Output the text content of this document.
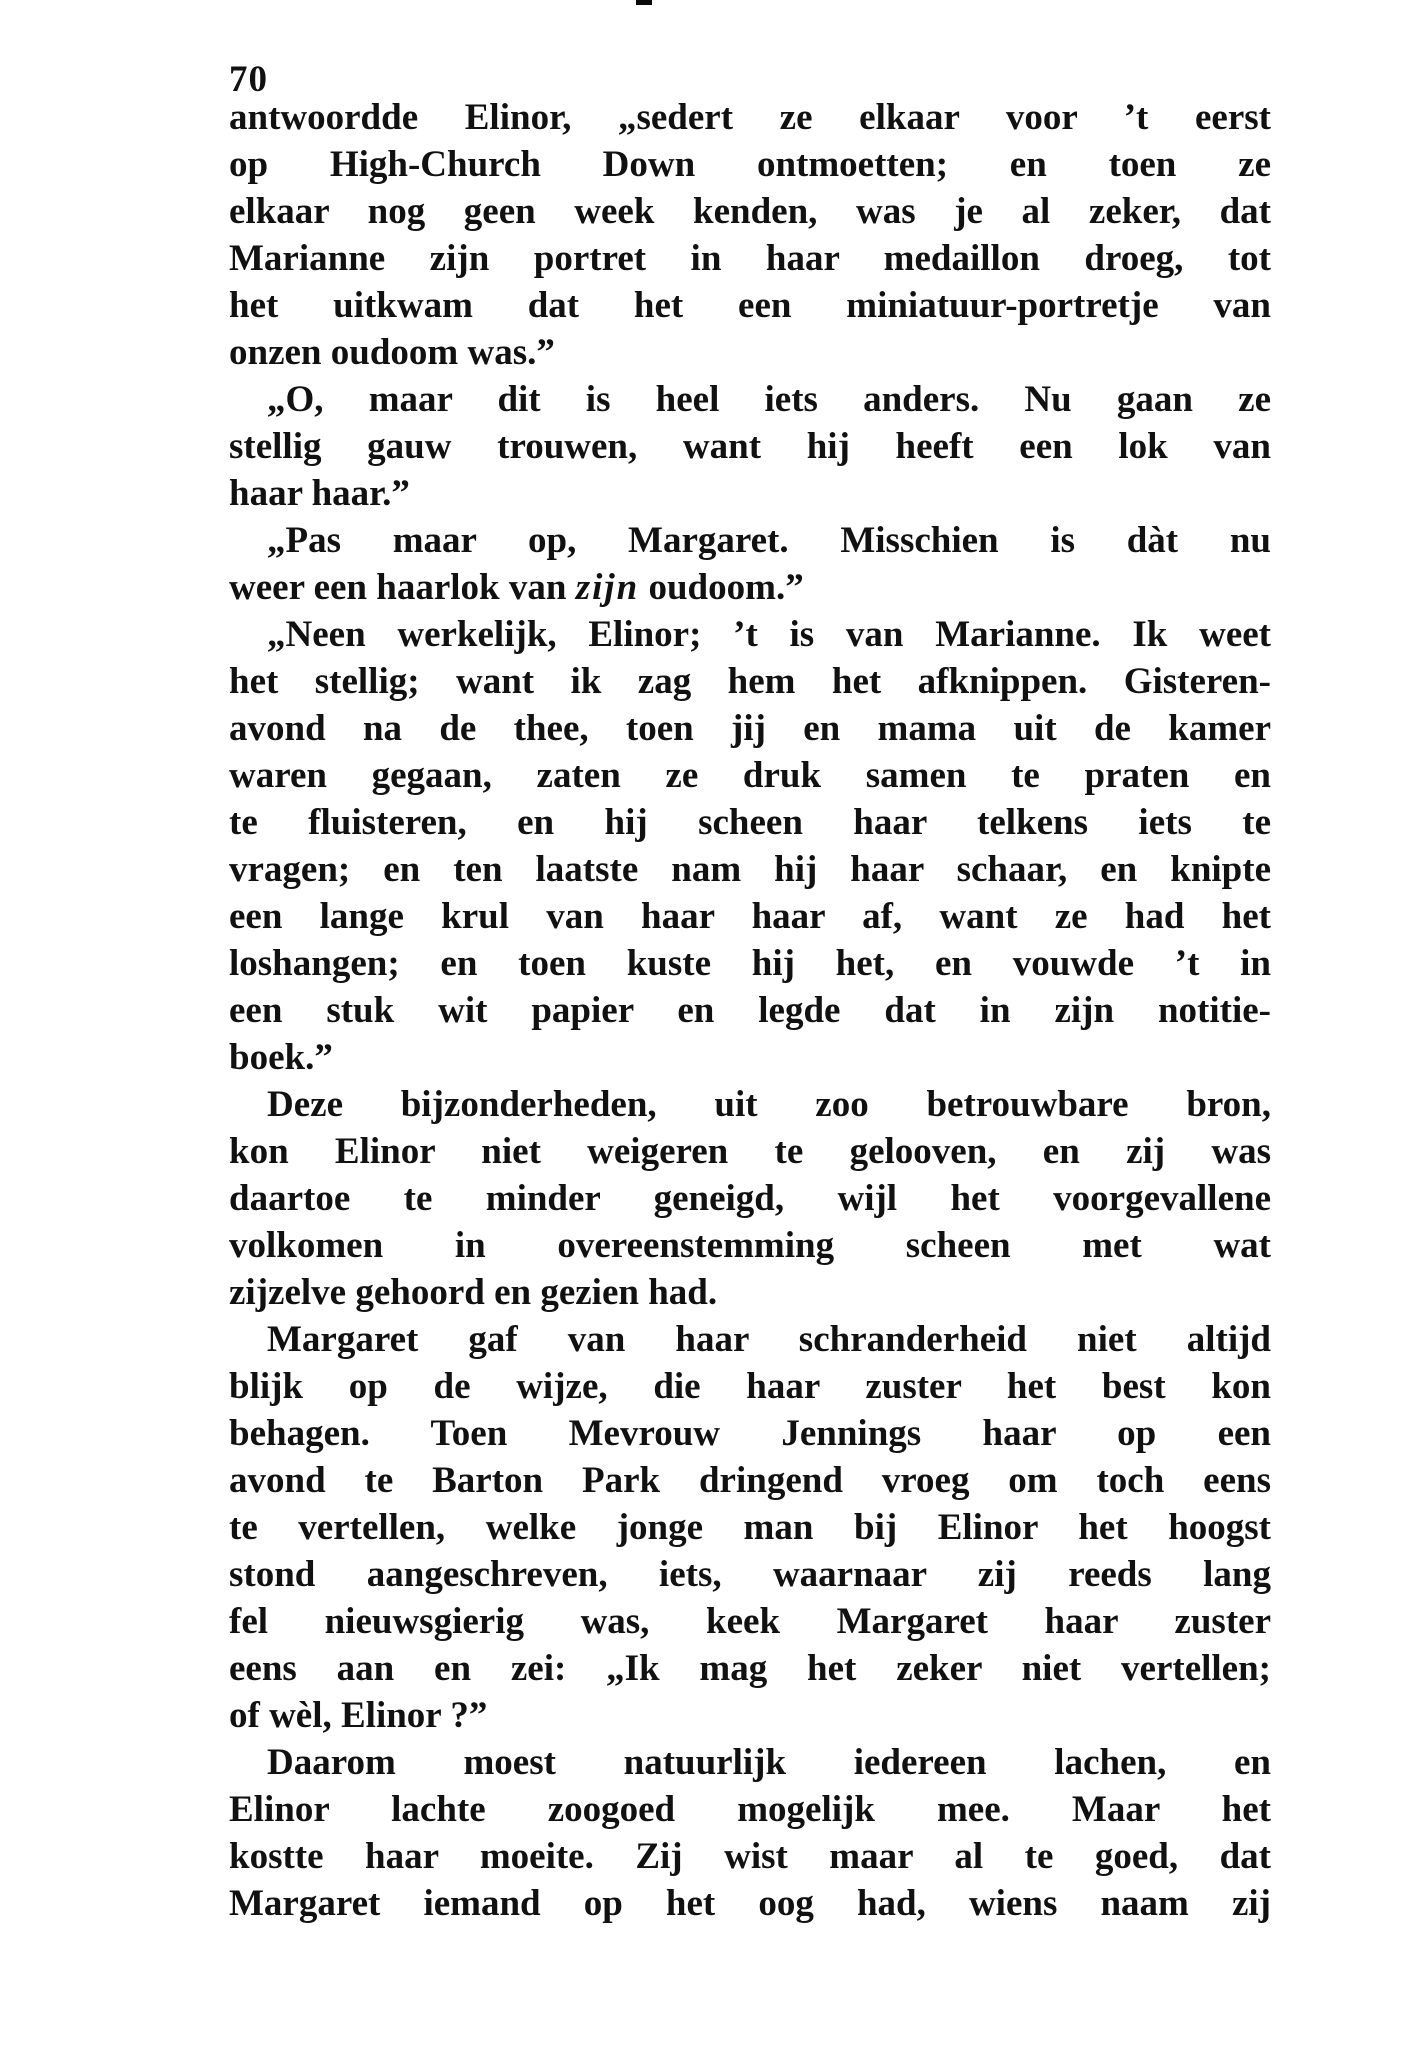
70
antwoordde Elinor, „sedert ze elkaar voor ’t eerst
op High-Church Down ontmoetten; en toen ze
elkaar nog geen week kenden, was je al zeker, dat
Marianne zijn portret in haar medaillon droeg, tot
het uitkwam dat het een miniatuur-portretje van
onzen oudoom was.”
„O, maar dit is heel iets anders. Nu gaan ze
stellig gauw trouwen, want hij heeft een lok van
haar haar.”
„Pas maar op, Margaret. Misschien is dàt nu
weer een haarlok van zijn oudoom.”
„Neen werkelijk, Elinor; ’t is van Marianne. Ik weet
het stellig; want ik zag hem het afknippen. Gisteren-
avond na de thee, toen jij en mama uit de kamer
waren gegaan, zaten ze druk samen te praten en
te fluisteren, en hij scheen haar telkens iets te
vragen; en ten laatste nam hij haar schaar, en knipte
een lange krul van haar haar af, want ze had het
loshangen; en toen kuste hij het, en vouwde ’t in
een stuk wit papier en legde dat in zijn notitie-
boek.”
Deze bijzonderheden, uit zoo betrouwbare bron,
kon Elinor niet weigeren te gelooven, en zij was
daartoe te minder geneigd, wijl het voorgevallene
volkomen in overeenstemming scheen met wat
zijzelve gehoord en gezien had.
Margaret gaf van haar schranderheid niet altijd
blijk op de wijze, die haar zuster het best kon
behagen. Toen Mevrouw Jennings haar op een
avond te Barton Park dringend vroeg om toch eens
te vertellen, welke jonge man bij Elinor het hoogst
stond aangeschreven, iets, waarnaar zij reeds lang
fel nieuwsgierig was, keek Margaret haar zuster
eens aan en zei: „Ik mag het zeker niet vertellen;
of wèl, Elinor ?”
Daarom moest natuurlijk iedereen lachen, en
Elinor lachte zoogoed mogelijk mee. Maar het
kostte haar moeite. Zij wist maar al te goed, dat
Margaret iemand op het oog had, wiens naam zij
